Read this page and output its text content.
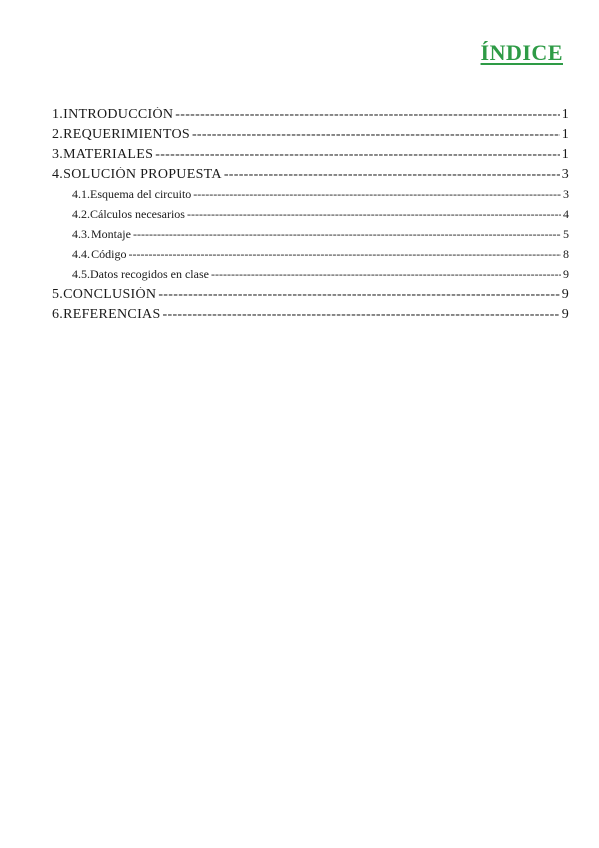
ÍNDICE
1. INTRODUCCIÓN -----	1
2. REQUERIMIENTOS -----	1
3. MATERIALES -----	1
4. SOLUCIÓN PROPUESTA -----	3
4.1. Esquema del circuito -----	3
4.2. Cálculos necesarios -----	4
4.3. Montaje -----	5
4.4. Código -----	8
4.5. Datos recogidos en clase -----	9
5. CONCLUSIÓN -----	9
6. REFERENCIAS -----	9
